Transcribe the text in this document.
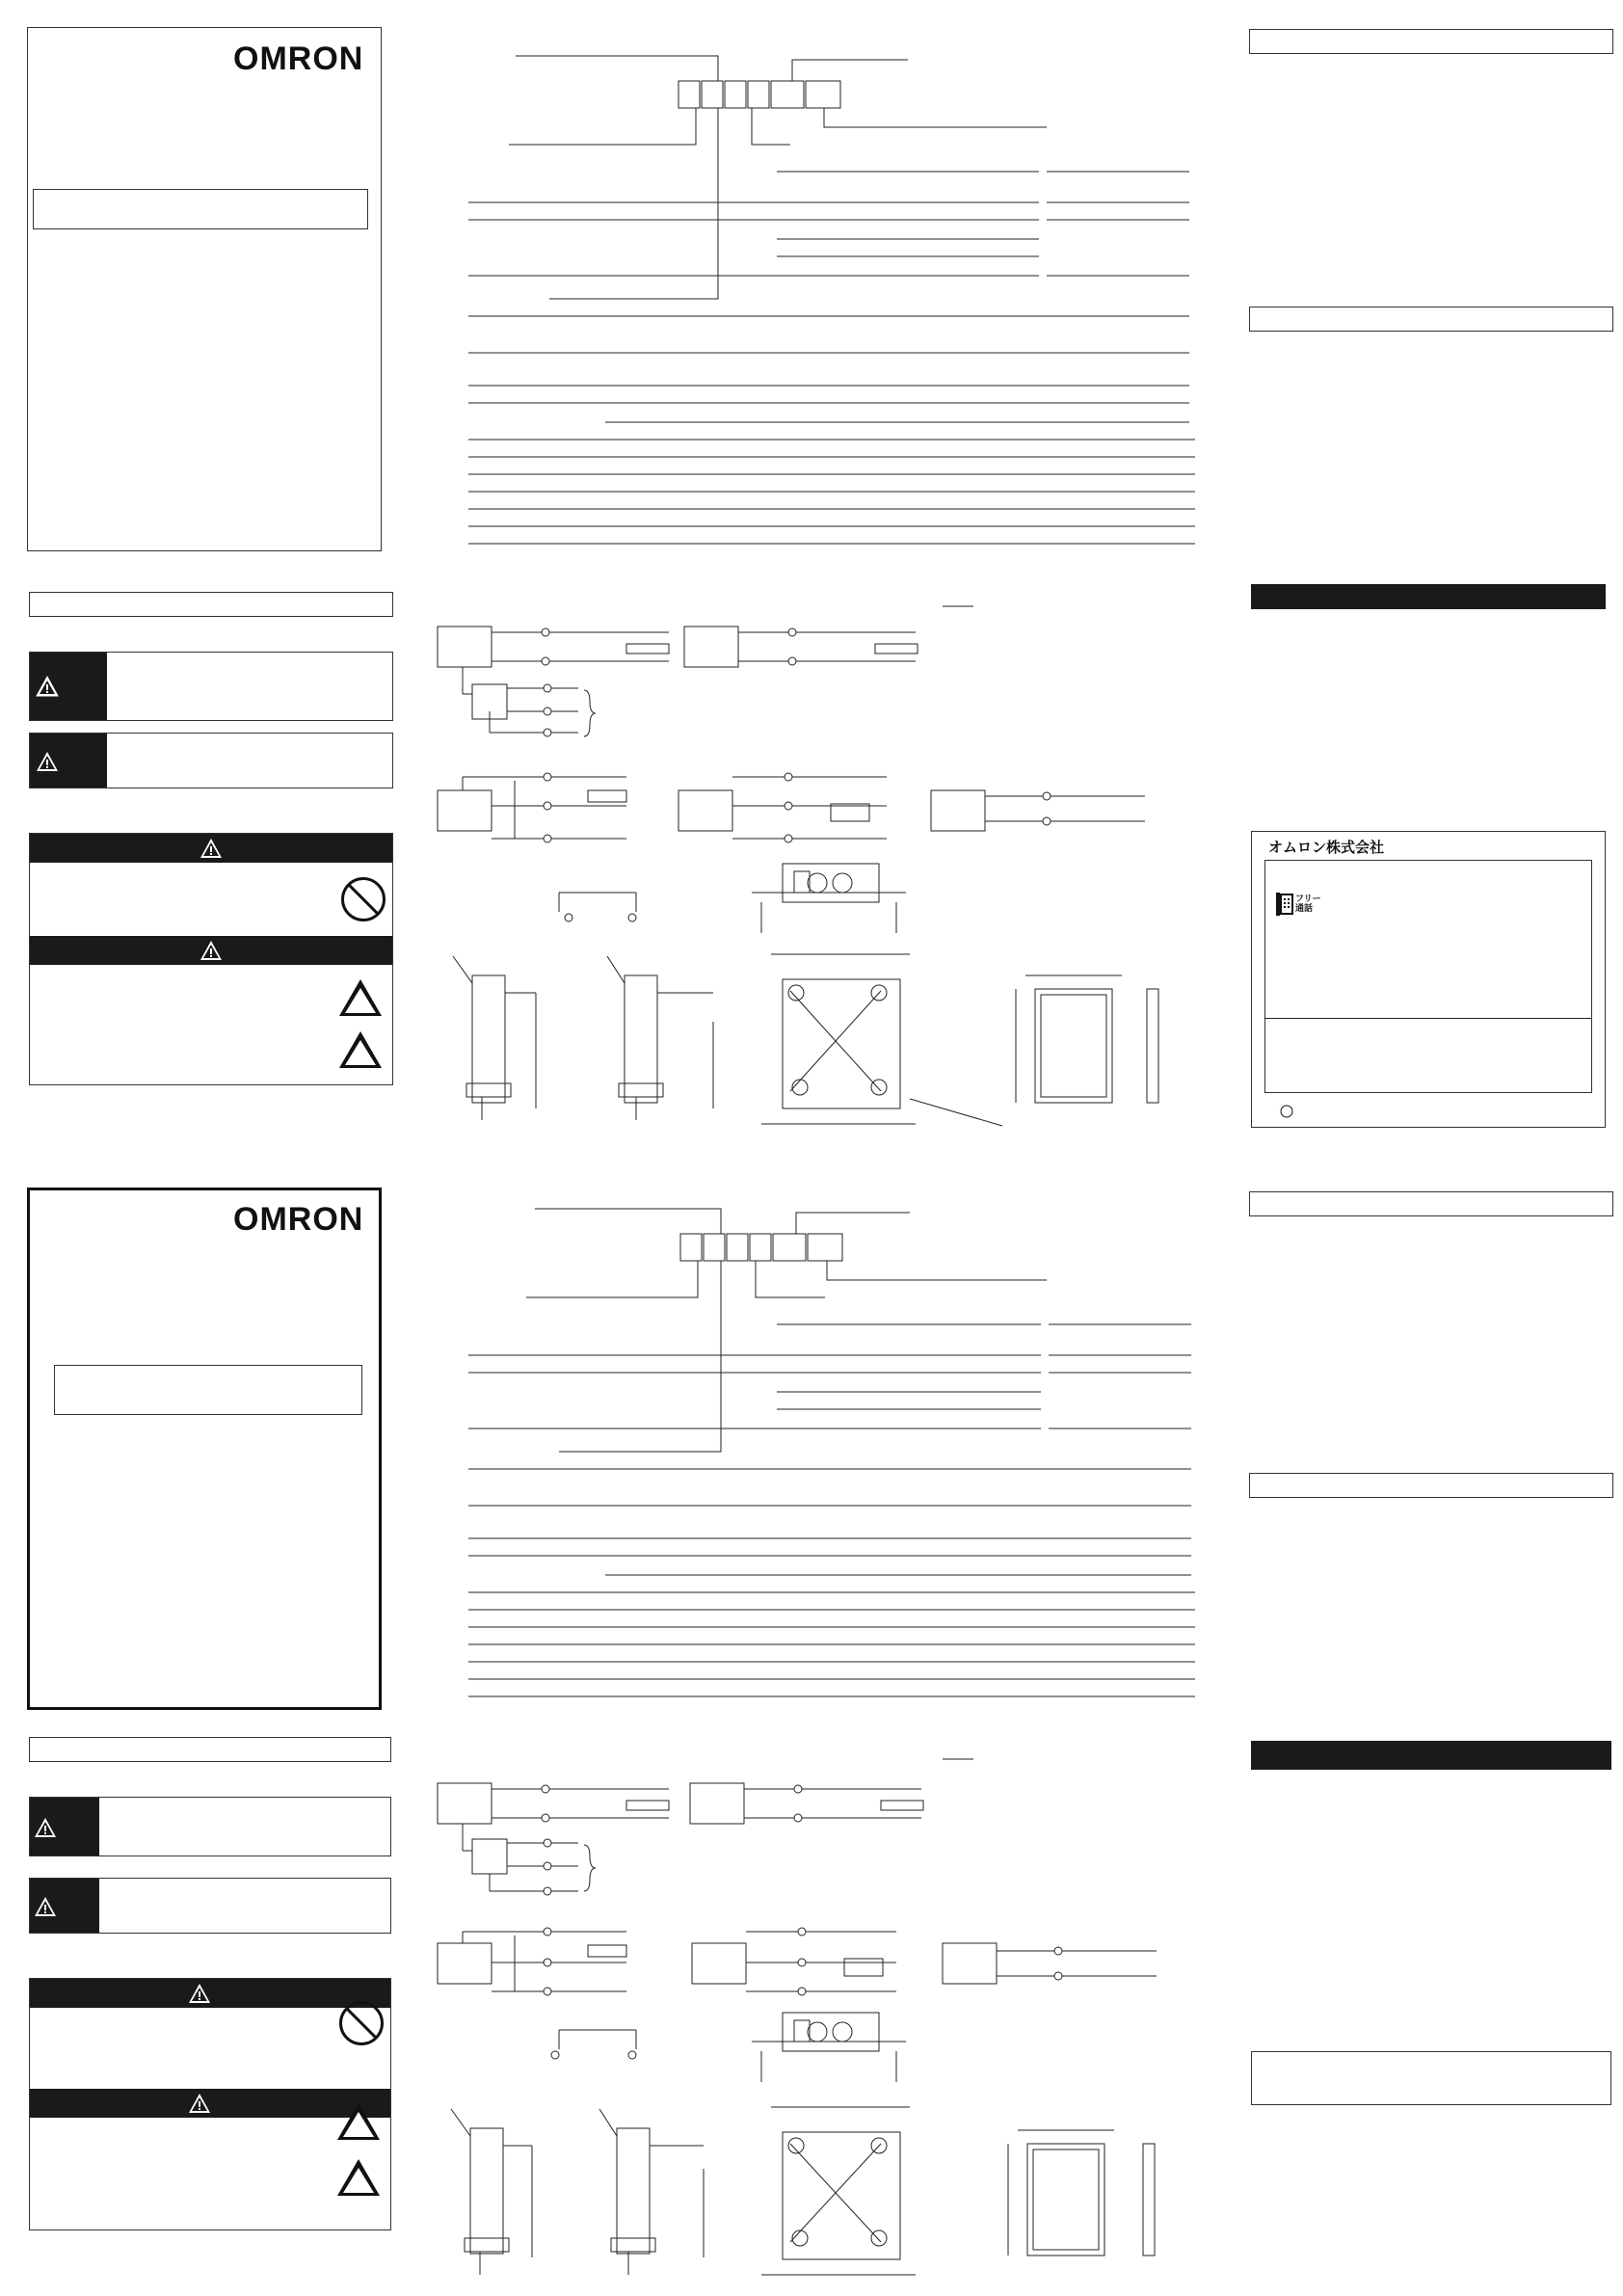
OMRON
オムロン株式会社
フリー
通話
OMRON
